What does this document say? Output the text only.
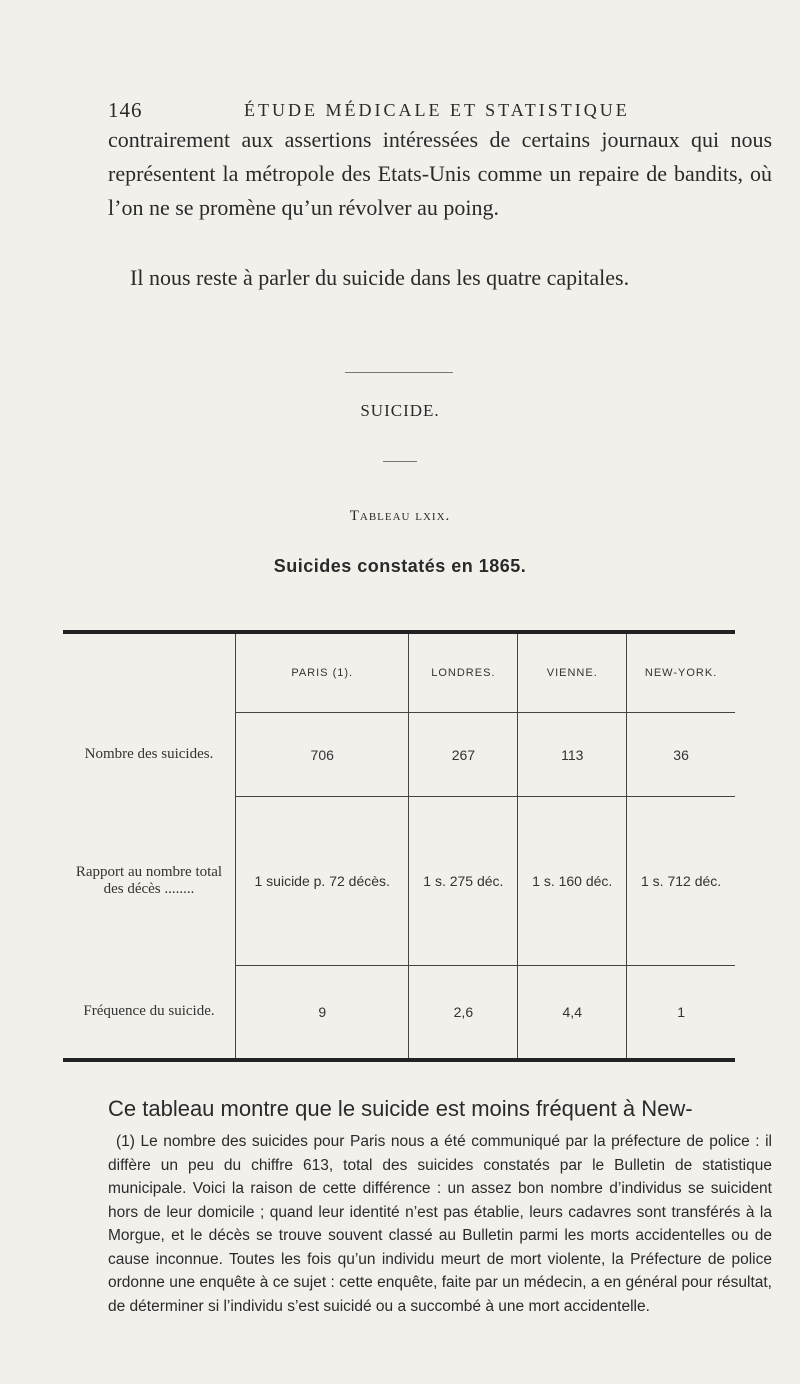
146	ÉTUDE MÉDICALE ET STATISTIQUE
contrairement aux assertions intéressées de certains journaux qui nous représentent la métropole des Etats-Unis comme un repaire de bandits, où l’on ne se promène qu’un révolver au poing.
Il nous reste à parler du suicide dans les quatre capitales.
SUICIDE.
Tableau lxix.
Suicides constatés en 1865.
	PARIS (1).	LONDRES.	VIENNE.	NEW-YORK.
Nombre des suicides.	706	267	113	36
Rapport au nombre total des décès ........	1 suicide p. 72 décès.	1 s. 275 déc.	1 s. 160 déc.	1 s. 712 déc.
Fréquence du suicide.	9	2,6	4,4	1
Ce tableau montre que le suicide est moins fréquent à New-
(1) Le nombre des suicides pour Paris nous a été communiqué par la préfecture de police : il diffère un peu du chiffre 613, total des suicides constatés par le Bulletin de statistique municipale. Voici la raison de cette différence : un assez bon nombre d’individus se suicident hors de leur domicile ; quand leur identité n’est pas établie, leurs cadavres sont transférés à la Morgue, et le décès se trouve souvent classé au Bulletin parmi les morts accidentelles ou de cause inconnue. Toutes les fois qu’un individu meurt de mort violente, la Préfecture de police ordonne une enquête à ce sujet : cette enquête, faite par un médecin, a en général pour résultat, de déterminer si l’individu s’est suicidé ou a succombé à une mort accidentelle.
